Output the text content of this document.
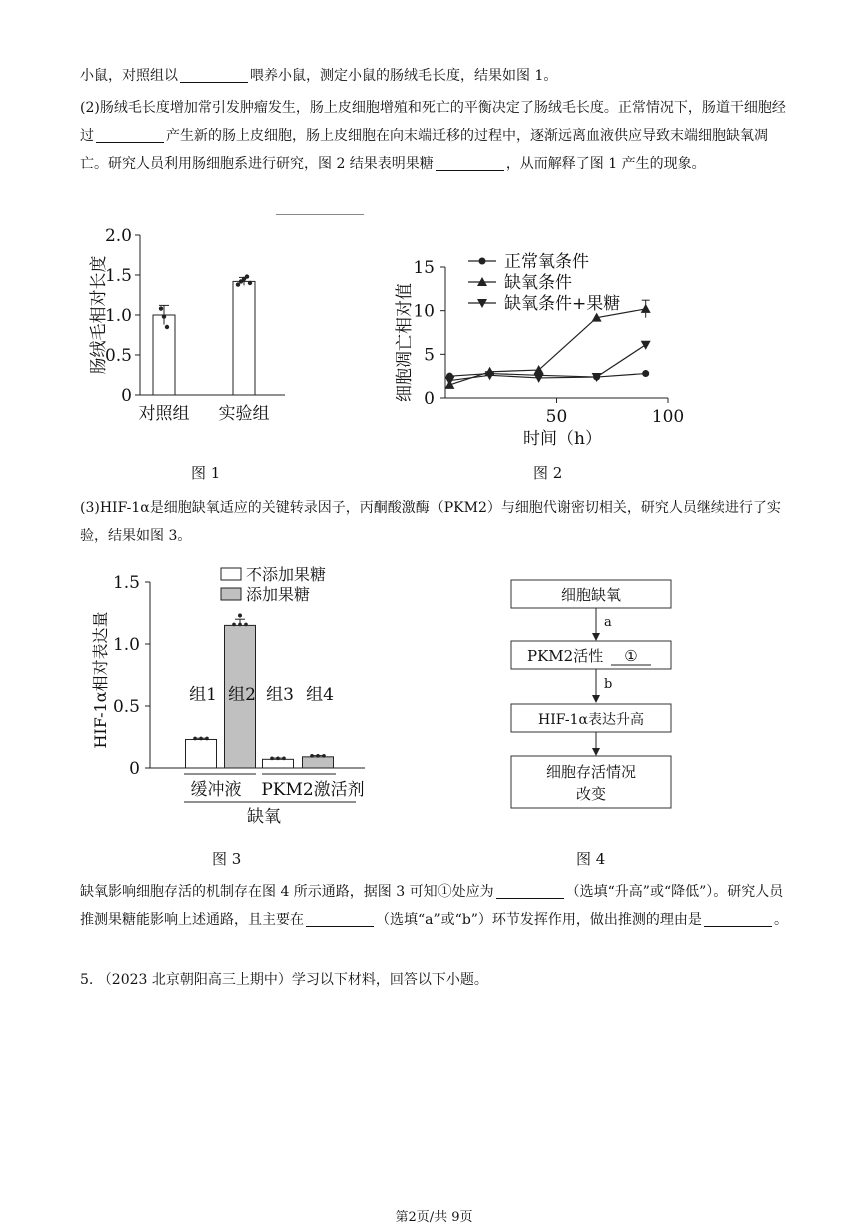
小鼠，对照组以	喂养小鼠，测定小鼠的肠绒毛长度，结果如图 1。
(2)肠绒毛长度增加常引发肿瘤发生，肠上皮细胞增殖和死亡的平衡决定了肠绒毛长度。正常情况下，肠道干细胞经过	产生新的肠上皮细胞，肠上皮细胞在向末端迁移的过程中，逐渐远离血液供应导致末端细胞缺氧凋亡。研究人员利用肠细胞系进行研究，图 2 结果表明果糖	，从而解释了图 1 产生的现象。
0
0.5
1.0
1.5
2.0
肠绒毛相对长度
对照组 实验组
图 1
0
5
10
15
50	100
时间（h）
细胞凋亡相对值
正常氧条件
缺氧条件
缺氧条件+果糖
图 2
(3)HIF-1α是细胞缺氧适应的关键转录因子，丙酮酸激酶（PKM2）与细胞代谢密切相关，研究人员继续进行了实验，结果如图 3。
0
0.5
1.0
1.5
HIF-1α相对表达量
不添加果糖
添加果糖
组1 组2 组3 组4
缓冲液 PKM2激活剂
缺氧
图 3
细胞缺氧
a
PKM2活性 ①
b
HIF-1α表达升高
细胞存活情况
改变
图 4
缺氧影响细胞存活的机制存在图 4 所示通路，据图 3 可知①处应为	（选填“升高”或“降低”）。研究人员推测果糖能影响上述通路，且主要在	（选填“a”或“b”）环节发挥作用，做出推测的理由是	。
5. （2023 北京朝阳高三上期中）学习以下材料，回答以下小题。
第2页/共 9页
